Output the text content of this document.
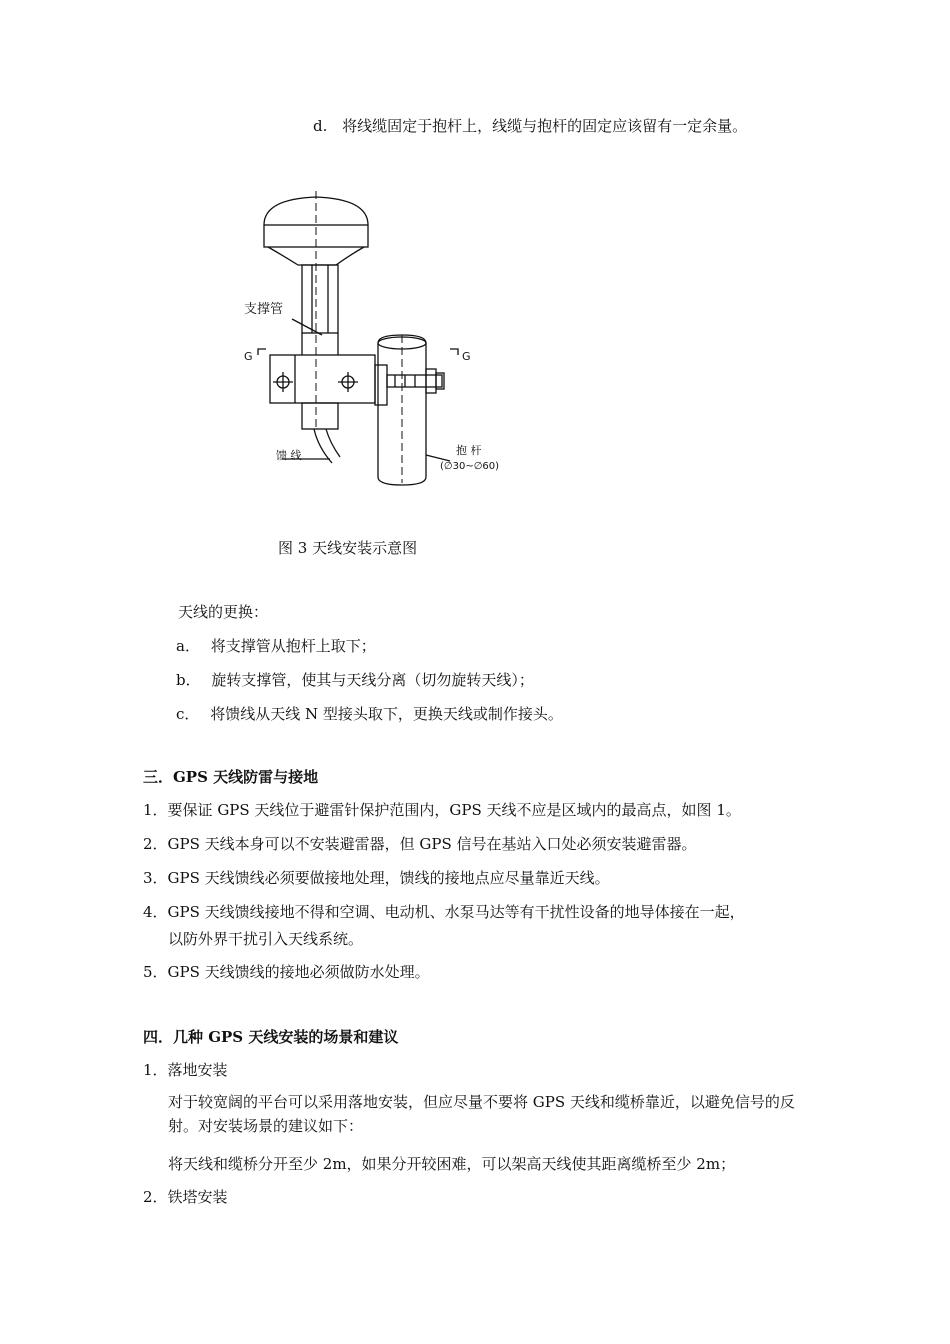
d. 将线缆固定于抱杆上，线缆与抱杆的固定应该留有一定余量。
支撑管
G	G
馈 线	抱 杆
(∅30~∅60)
图 3 天线安装示意图
天线的更换：
a． 将支撑管从抱杆上取下；
b． 旋转支撑管，使其与天线分离（切勿旋转天线）；
c． 将馈线从天线 N 型接头取下，更换天线或制作接头。
三．GPS 天线防雷与接地
1．要保证 GPS 天线位于避雷针保护范围内，GPS 天线不应是区域内的最高点，如图 1。
2．GPS 天线本身可以不安装避雷器，但 GPS 信号在基站入口处必须安装避雷器。
3．GPS 天线馈线必须要做接地处理，馈线的接地点应尽量靠近天线。
4．GPS 天线馈线接地不得和空调、电动机、水泵马达等有干扰性设备的地导体接在一起，
以防外界干扰引入天线系统。
5．GPS 天线馈线的接地必须做防水处理。
四．几种 GPS 天线安装的场景和建议
1．落地安装
对于较宽阔的平台可以采用落地安装，但应尽量不要将 GPS 天线和缆桥靠近，以避免信号的反射。对安装场景的建议如下：
将天线和缆桥分开至少 2m，如果分开较困难，可以架高天线使其距离缆桥至少 2m；
2．铁塔安装
